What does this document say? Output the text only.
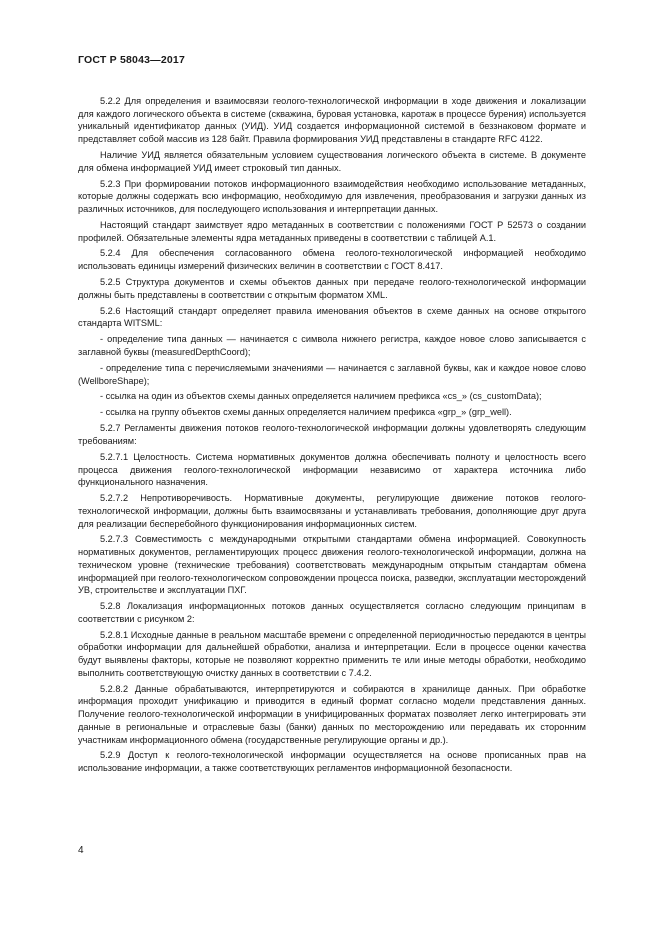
ГОСТ Р 58043—2017

5.2.2 Для определения и взаимосвязи геолого-технологической информации в ходе движения и локализации для каждого логического объекта в системе (скважина, буровая установка, каротаж в процессе бурения) используется уникальный идентификатор данных (УИД). УИД создается информационной системой в беззнаковом формате и представляет собой массив из 128 байт. Правила формирования УИД представлены в стандарте RFC 4122.

Наличие УИД является обязательным условием существования логического объекта в системе. В документе для обмена информацией УИД имеет строковый тип данных.

5.2.3 При формировании потоков информационного взаимодействия необходимо использование метаданных, которые должны содержать всю информацию, необходимую для извлечения, преобразования и загрузки данных из различных источников, для последующего использования и интерпретации данных.

Настоящий стандарт заимствует ядро метаданных в соответствии с положениями ГОСТ Р 52573 о создании профилей. Обязательные элементы ядра метаданных приведены в соответствии с таблицей А.1.

5.2.4 Для обеспечения согласованного обмена геолого-технологической информацией необходимо использовать единицы измерений физических величин в соответствии с ГОСТ 8.417.

5.2.5 Структура документов и схемы объектов данных при передаче геолого-технологической информации должны быть представлены в соответствии с открытым форматом XML.

5.2.6 Настоящий стандарт определяет правила именования объектов в схеме данных на основе открытого стандарта WITSML:

- определение типа данных — начинается с символа нижнего регистра, каждое новое слово записывается с заглавной буквы (measuredDepthCoord);

- определение типа с перечисляемыми значениями — начинается с заглавной буквы, как и каждое новое слово (WellboreShape);

- ссылка на один из объектов схемы данных определяется наличием префикса «cs_» (cs_customData);

- ссылка на группу объектов схемы данных определяется наличием префикса «grp_» (grp_well).

5.2.7 Регламенты движения потоков геолого-технологической информации должны удовлетворять следующим требованиям:

5.2.7.1 Целостность. Система нормативных документов должна обеспечивать полноту и целостность всего процесса движения геолого-технологической информации независимо от характера источника либо функционального назначения.

5.2.7.2 Непротиворечивость. Нормативные документы, регулирующие движение потоков геолого-технологической информации, должны быть взаимосвязаны и устанавливать требования, дополняющие друг друга для реализации бесперебойного функционирования информационных систем.

5.2.7.3 Совместимость с международными открытыми стандартами обмена информацией. Совокупность нормативных документов, регламентирующих процесс движения геолого-технологической информации, должна на техническом уровне (технические требования) соответствовать международным открытым стандартам обмена информацией при геолого-технологическом сопровождении процесса поиска, разведки, эксплуатации месторождений УВ, строительстве и эксплуатации ПХГ.

5.2.8 Локализация информационных потоков данных осуществляется согласно следующим принципам в соответствии с рисунком 2:

5.2.8.1 Исходные данные в реальном масштабе времени с определенной периодичностью передаются в центры обработки информации для дальнейшей обработки, анализа и интерпретации. Если в процессе оценки качества будут выявлены факторы, которые не позволяют корректно применить те или иные методы обработки, необходимо выполнить соответствующую очистку данных в соответствии с 7.4.2.

5.2.8.2 Данные обрабатываются, интерпретируются и собираются в хранилище данных. При обработке информация проходит унификацию и приводится в единый формат согласно модели представления данных. Получение геолого-технологической информации в унифицированных форматах позволяет легко интегрировать эти данные в региональные и отраслевые базы (банки) данных по месторождению или передавать их сторонним участникам информационного обмена (государственные регулирующие органы и др.).

5.2.9 Доступ к геолого-технологической информации осуществляется на основе прописанных прав на использование информации, а также соответствующих регламентов информационной безопасности.

4
